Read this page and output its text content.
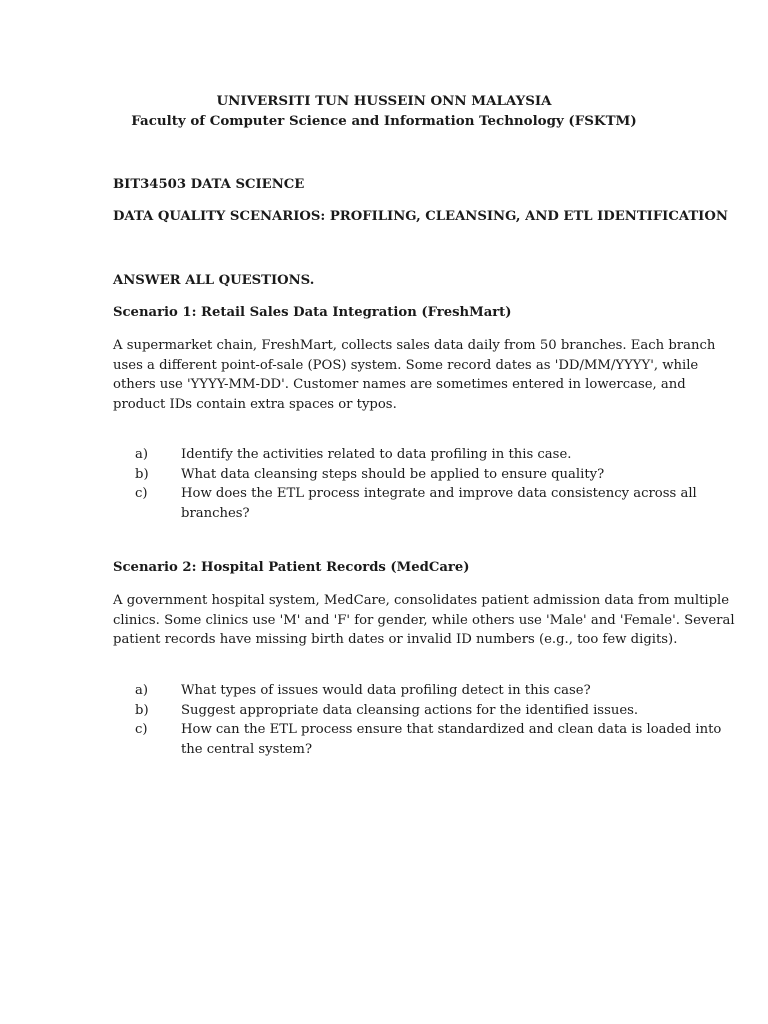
UNIVERSITI TUN HUSSEIN ONN MALAYSIA
Faculty of Computer Science and Information Technology (FSKTM)
BIT34503 DATA SCIENCE
DATA QUALITY SCENARIOS: PROFILING, CLEANSING, AND ETL IDENTIFICATION
ANSWER ALL QUESTIONS.
Scenario 1: Retail Sales Data Integration (FreshMart)
A supermarket chain, FreshMart, collects sales data daily from 50 branches. Each branch
uses a different point-of-sale (POS) system. Some record dates as 'DD/MM/YYYY', while
others use 'YYYY-MM-DD'. Customer names are sometimes entered in lowercase, and
product IDs contain extra spaces or typos.
a) Identify the activities related to data profiling in this case.
b) What data cleansing steps should be applied to ensure quality?
c)	How does the ETL process integrate and improve data consistency across all
branches?
Scenario 2: Hospital Patient Records (MedCare)
A government hospital system, MedCare, consolidates patient admission data from multiple
clinics. Some clinics use 'M' and 'F' for gender, while others use 'Male' and 'Female'. Several
patient records have missing birth dates or invalid ID numbers (e.g., too few digits).
a) What types of issues would data profiling detect in this case?
b) Suggest appropriate data cleansing actions for the identified issues.
c)	How can the ETL process ensure that standardized and clean data is loaded into
the central system?
